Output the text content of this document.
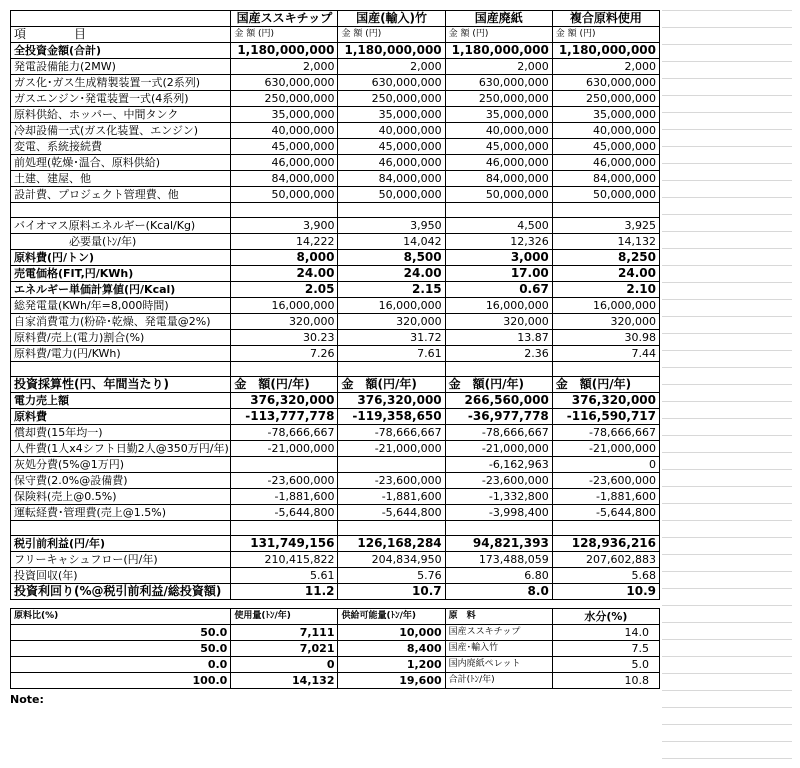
	国産ススキチップ	国産(輸入)竹	国産廃紙	複合原料使用
項　　　　目	金 額 (円)	金 額 (円)	金 額 (円)	金 額 (円)
全投資金額(合計)	1,180,000,000	1,180,000,000	1,180,000,000	1,180,000,000
発電設備能力(2MW)	2,000	2,000	2,000	2,000
ガス化･ガス生成精製装置一式(2系列)	630,000,000	630,000,000	630,000,000	630,000,000
ガスエンジン･発電装置一式(4系列)	250,000,000	250,000,000	250,000,000	250,000,000
原料供給、ホッパー、中間タンク	35,000,000	35,000,000	35,000,000	35,000,000
冷却設備一式(ガス化装置、エンジン)	40,000,000	40,000,000	40,000,000	40,000,000
変電、系統接続費	45,000,000	45,000,000	45,000,000	45,000,000
前処理(乾燥･温合、原料供給)	46,000,000	46,000,000	46,000,000	46,000,000
土建、建屋、他	84,000,000	84,000,000	84,000,000	84,000,000
設計費、プロジェクト管理費、他	50,000,000	50,000,000	50,000,000	50,000,000

バイオマス原料エネルギー(Kcal/Kg)	3,900	3,950	4,500	3,925
　　　　　必要量(ﾄﾝ/年)	14,222	14,042	12,326	14,132
原料費(円/トン)	8,000	8,500	3,000	8,250
売電価格(FIT,円/KWh)	24.00	24.00	17.00	24.00
エネルギー単価計算値(円/Kcal)	2.05	2.15	0.67	2.10
総発電量(KWh/年=8,000時間)	16,000,000	16,000,000	16,000,000	16,000,000
自家消費電力(粉砕･乾燥、発電量@2%)	320,000	320,000	320,000	320,000
原料費/売上(電力)割合(%)	30.23	31.72	13.87	30.98
原料費/電力(円/KWh)	7.26	7.61	2.36	7.44

投資採算性(円、年間当たり)	金　額(円/年)	金　額(円/年)	金　額(円/年)	金　額(円/年)
電力売上額	376,320,000	376,320,000	266,560,000	376,320,000
原料費	-113,777,778	-119,358,650	-36,977,778	-116,590,717
償却費(15年均一)	-78,666,667	-78,666,667	-78,666,667	-78,666,667
人件費(1人x4シフト日勤2人@350万円/年)	-21,000,000	-21,000,000	-21,000,000	-21,000,000
灰処分費(5%@1万円)			-6,162,963	0
保守費(2.0%@設備費)	-23,600,000	-23,600,000	-23,600,000	-23,600,000
保険料(売上@0.5%)	-1,881,600	-1,881,600	-1,332,800	-1,881,600
運転経費･管理費(売上@1.5%)	-5,644,800	-5,644,800	-3,998,400	-5,644,800

税引前利益(円/年)	131,749,156	126,168,284	94,821,393	128,936,216
フリーキャシュフロー(円/年)	210,415,822	204,834,950	173,488,059	207,602,883
投資回収(年)	5.61	5.76	6.80	5.68
投資利回り(%@税引前利益/総投資額)	11.2	10.7	8.0	10.9
原料比(%)	使用量(ﾄﾝ/年)	供給可能量(ﾄﾝ/年)	原　料	水分(%)
50.0	7,111	10,000	国産ススキチップ	14.0
50.0	7,021	8,400	国産･輸入竹	7.5
0.0	0	1,200	国内廃紙ペレット	5.0
100.0	14,132	19,600	合計(ﾄﾝ/年)	10.8
Note:
